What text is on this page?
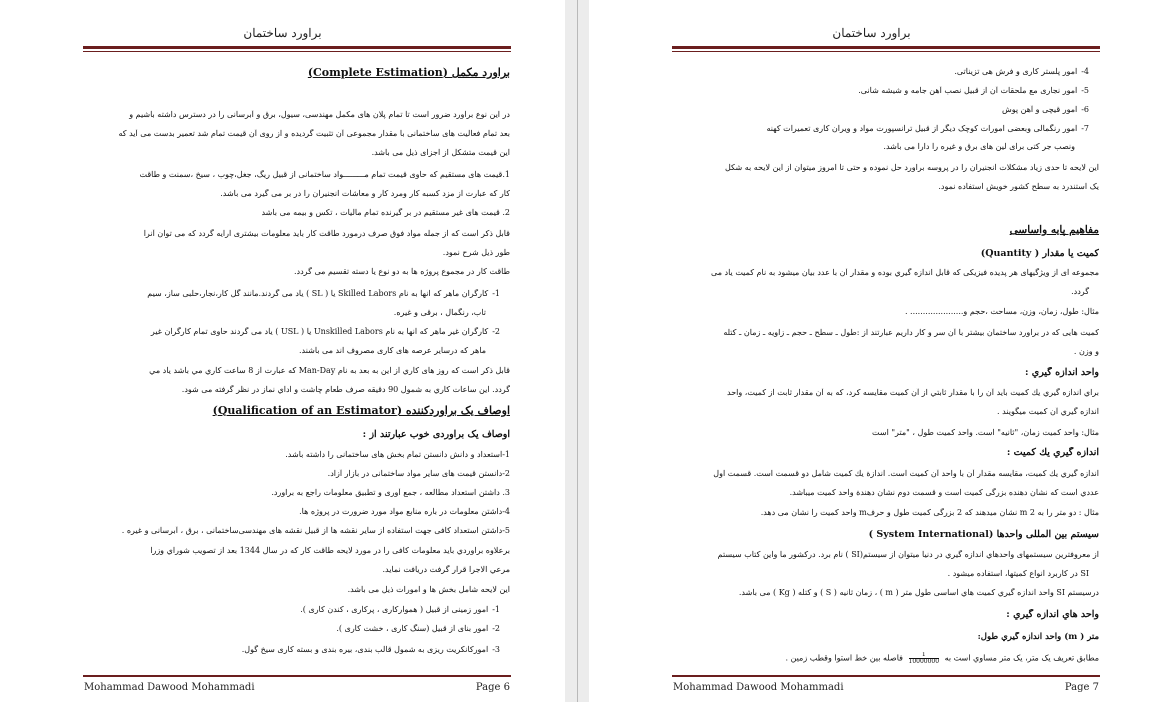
براورد ساختمان
براورد مکمل (Complete Estimation)
در این نوع براورد ضرور است تا تمام پلان های مکمل مهندسی، سیول، برق و آبرسانی را در دسترس داشته باشیم و
بعد تمام فعالیت های ساختمانی با مقدار مجموعی آن تثبیت گردیده و از روی آن قیمت تمام شد تعمیر بدست می آید که
این قیمت متشکل از اجزای ذیل می باشد.
1.قیمت های مستقیم که حاوی قیمت تمام مـــــــــواد ساختمانی از قبیل ریگ، جغل،چوب ، سیخ ،سمنت و طاقت
کار که عبارت از مزد کسبه کار ومرد کار و معاشات انجنیران را در بر می گیرد می باشد.
2. قیمت های غیر مستقیم در بر گیرنده تمام مالیات ، تکس و بیمه می باشد
قابل ذکر است که از جمله مواد فوق صرف درمورد طاقت کار باید معلومات بیشتری ارایه گردد که می توان آنرا
طور ذیل شرح نمود.
طاقت کار در مجموع پروژه ها به دو نوع یا دسته تقسیم می گردد.
1-کارگران ماهر که انها به نام Skilled Labors یا ( SL ) یاد می گردند.مانند گل کار،نجار،حلبی ساز، سیم
تاب، رنگمال ، برقی و غیره.
2-کارگران غیر ماهر که انها به نام Unskilled Labors یا ( USL ) یاد می گردند حاوی تمام کارگران غیر
ماهر که درسایر عرصه های کاری مصروف اند می باشند.
قابل ذکر است که روز های کاري از این به بعد به نام Man-Day که عبارت از 8 ساعت کاري مي باشد یاد مي
گردد. این ساعات کاري به شمول 90 دقیقه صرف طعام چاشت و اداي نماز در نظر گرفته می شود.
اوصاف یک براوردکننده (Qualification of an Estimator)
اوصاف یک براوردی خوب عبارتند از :
1-استعداد و دانش دانستن تمام بخش های ساختمانی را داشته باشد.
2-دانستن قیمت های سایر مواد ساختمانی در بازار آزاد.
3. داشتن استعداد مطالعه ، جمع آوری و تطبیق معلومات راجع به براورد.
4-داشتن معلومات در باره منابع مواد مورد ضرورت در پروژه ها.
5-داشتن استعداد کافی جهت استفاده از سایر نقشه ها از قبیل نقشه های مهندسی‌ساختمانی ، برق ، آبرسانی و غیره .
برعلاوه براوردي باید معلومات کافی را در مورد لایحه طاقت کار که در سال 1344 بعد از تصویب شوراي وزرا
مرعي الاجرا قرار گرفت دریافت نماید.
این لایحه شامل بخش ها و امورات ذیل می باشد.
1-امور زمینی از قبیل ( هموارکاری ، پرکاری ، کندن کاری ).
2-امور بنای از قبیل (سنگ کاری ، خشت کاری ).
3-امورکانکریت ریزی به شمول قالب بندی، بیره بندی و بسته کاری سیخ گول.
Mohammad Dawood Mohammadi	Page 6
براورد ساختمان
4-امور پلستر کاری و فرش هی تزیناتی.
5-امور نجاری مع ملحقات آن از قبیل نصب آهن جامه و شیشه شانی.
6-امور قیچی و آهن پوش
7-امور رنگمالی وبعضی امورات کوچک دیگر از قبیل ترانسپورت مواد و ویران کاری تعمیرات کهنه
ونصب جر کتی برای لین های برق و غیره را دارا می باشد.
این لایحه تا حدی زیاد مشکلات انجنیران را در پروسه براورد حل نموده و حتی تا امروز میتوان از این لایحه به شکل
یک استندرد به سطح کشور خویش استفاده نمود.
مفاهیم پایه واساسی
کمیت یا مقدار ( Quantity)
مجموعه ای از ویژگیهای هر پدیده فیزیکی که قابل اندازه گیري بوده و مقدار آن با عدد بیان میشود به نام کمیت یاد می
گردد.
مثال: طول، زمان، وزن، مساحت ،حجم و..................... .
کمیت هایی که در براورد ساختمان بیشتر با آن سر و کار داریم عبارتند از :طول ـ سطح ـ حجم ـ زاویه ـ زمان ـ کتله
و وزن .
واحد اندازه گیري :
براي اندازه گیري یك کمیت باید آن را با مقدار ثابتي از آن کمیت مقایسه کرد، که به آن مقدار ثابت از کمیت، واحد
اندازه گیري آن کمیت میگویند .
مثال: واحد کمیت زمان، "ثانیه" است. واحد کمیت طول ، "متر" است
اندازه گیري یك کمیت :
اندازه گیري یك کمیت، مقایسه مقدار آن با واحد آن کمیت است. اندازة یك کمیت شامل دو قسمت است. قسمت اول
عددي است که نشان دهنده بزرگی کمیت است و قسمت دوم نشان دهندة واحد کمیت میباشد.
مثال : دو متر را به m 2 نشان میدهند که 2 بزرگی کمیت طول و حرفm واحد کمیت را نشان می دهد.
سیستم بین المللی واحدها (System International )
از معروفترین سیستمهای واحدهاي اندازه گیري در دنیا میتوان از سیستم(SI ) نام برد. درکشور ما واین کتاب سیستم
SI در کاربرد انواع کمیتها، استفاده میشود .
درسیستم SI واحد اندازه گیري کمیت هاي اساسی طول متر ( m ) ، زمان ثانیه ( S ) و کتله ( Kg ) می باشد.
واحد هاي اندازه گیري :
متر ( m) واحد اندازه گیري طول:
مطابق تعریف یک متر، یک متر مساوي است به
$\frac{1}{10000000}$
فاصله بین خط استوا وقطب زمین .
Mohammad Dawood Mohammadi	Page 7
